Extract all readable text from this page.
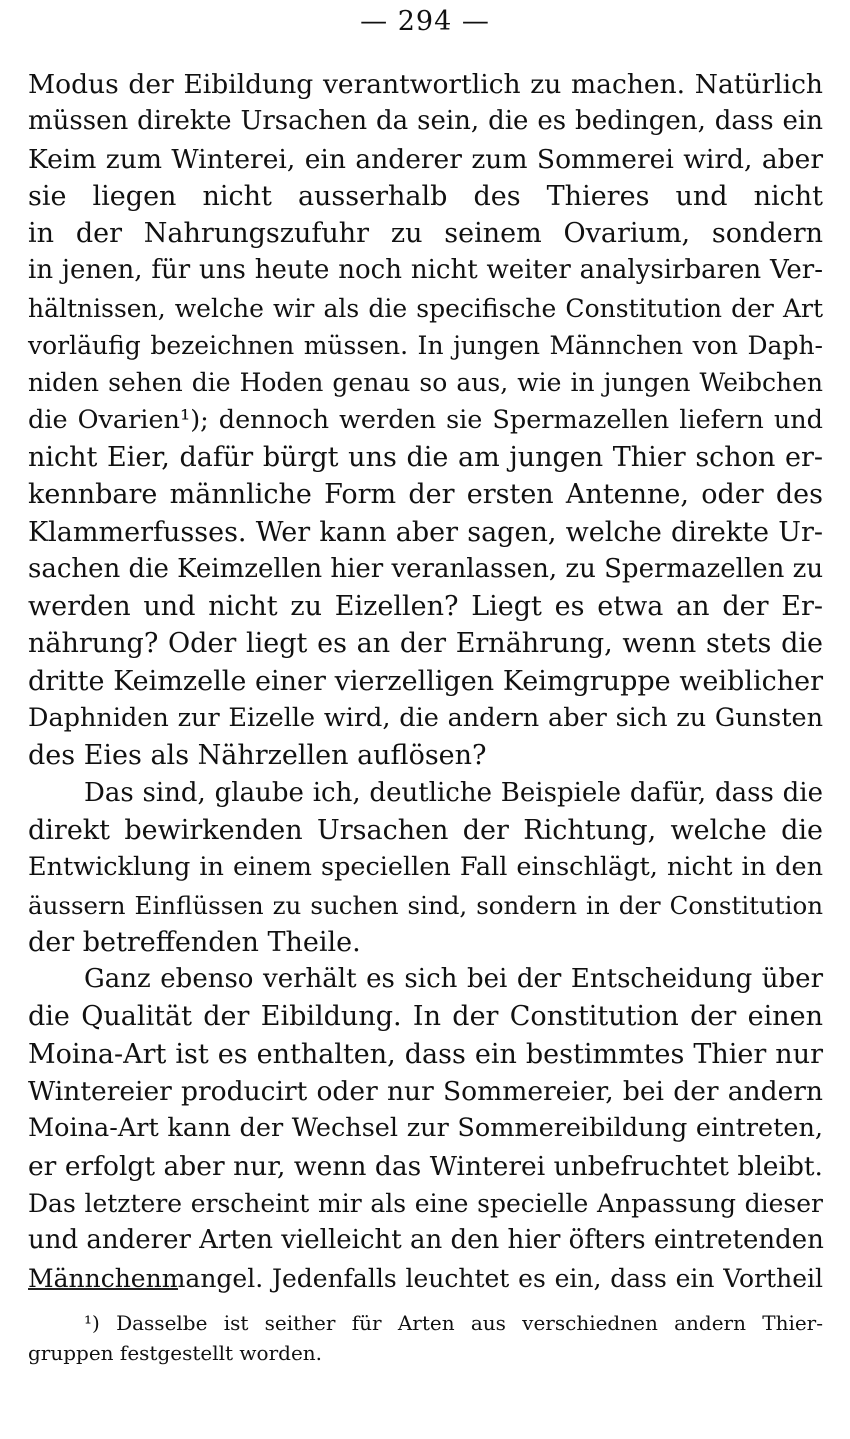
— 294 —
Modus der Eibildung verantwortlich zu machen. Natürlich
müssen direkte Ursachen da sein, die es bedingen, dass ein
Keim zum Winterei, ein anderer zum Sommerei wird, aber
sie liegen nicht ausserhalb des Thieres und nicht
in der Nahrungszufuhr zu seinem Ovarium, sondern
in jenen, für uns heute noch nicht weiter analysirbaren Ver-
hältnissen, welche wir als die specifische Constitution der Art
vorläufig bezeichnen müssen. In jungen Männchen von Daph-
niden sehen die Hoden genau so aus, wie in jungen Weibchen
die Ovarien¹); dennoch werden sie Spermazellen liefern und
nicht Eier, dafür bürgt uns die am jungen Thier schon er-
kennbare männliche Form der ersten Antenne, oder des
Klammerfusses. Wer kann aber sagen, welche direkte Ur-
sachen die Keimzellen hier veranlassen, zu Spermazellen zu
werden und nicht zu Eizellen? Liegt es etwa an der Er-
nährung? Oder liegt es an der Ernährung, wenn stets die
dritte Keimzelle einer vierzelligen Keimgruppe weiblicher
Daphniden zur Eizelle wird, die andern aber sich zu Gunsten
des Eies als Nährzellen auflösen?
Das sind, glaube ich, deutliche Beispiele dafür, dass die
direkt bewirkenden Ursachen der Richtung, welche die
Entwicklung in einem speciellen Fall einschlägt, nicht in den
äussern Einflüssen zu suchen sind, sondern in der Constitution
der betreffenden Theile.
Ganz ebenso verhält es sich bei der Entscheidung über
die Qualität der Eibildung. In der Constitution der einen
Moina-Art ist es enthalten, dass ein bestimmtes Thier nur
Wintereier producirt oder nur Sommereier, bei der andern
Moina-Art kann der Wechsel zur Sommereibildung eintreten,
er erfolgt aber nur, wenn das Winterei unbefruchtet bleibt.
Das letztere erscheint mir als eine specielle Anpassung dieser
und anderer Arten vielleicht an den hier öfters eintretenden
Männchenmangel. Jedenfalls leuchtet es ein, dass ein Vortheil
¹) Dasselbe ist seither für Arten aus verschiednen andern Thier-
gruppen festgestellt worden.
